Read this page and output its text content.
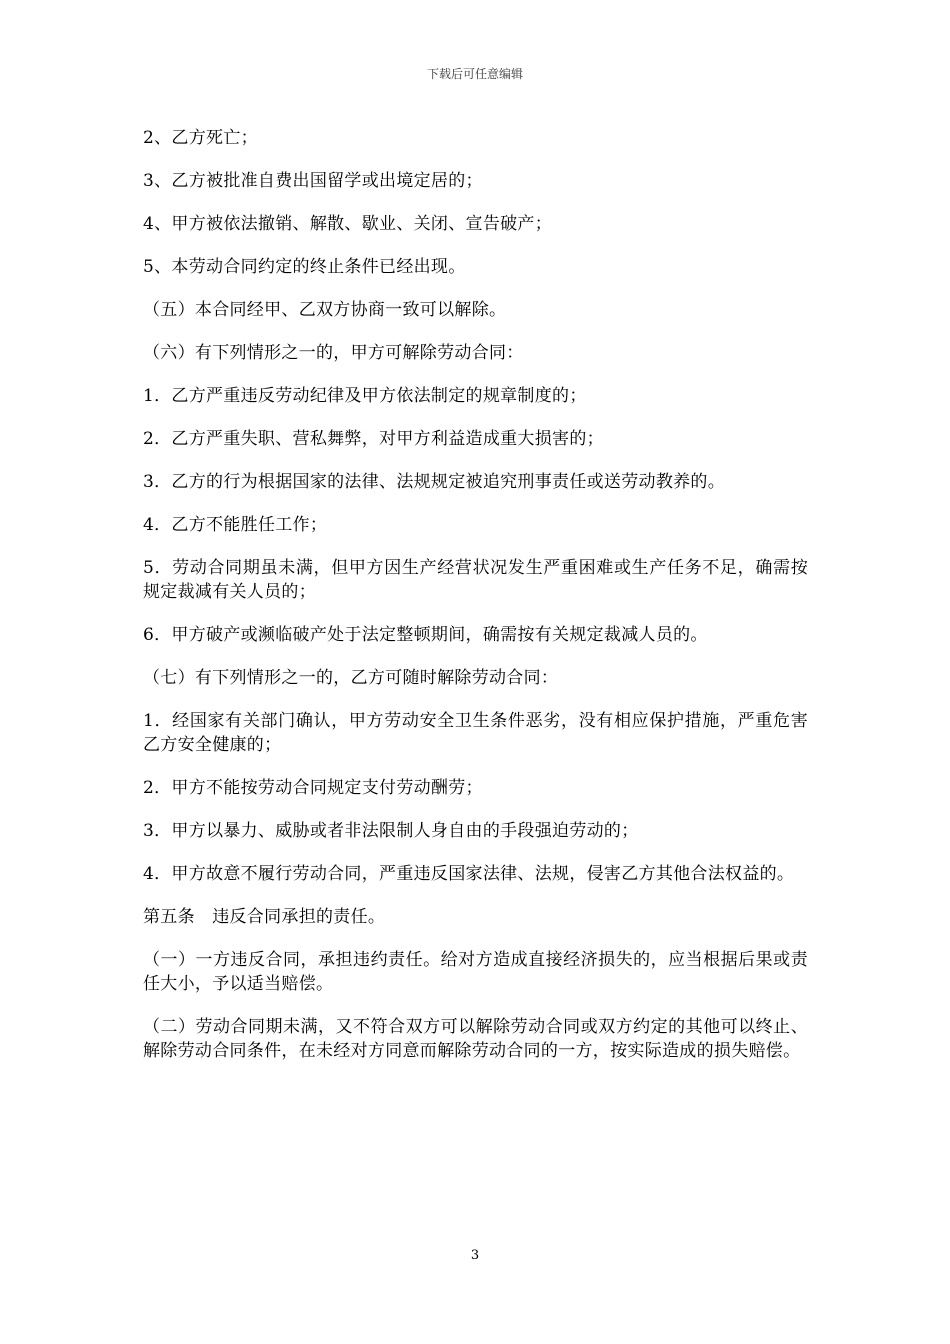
下载后可任意编辑

2、乙方死亡；

3、乙方被批准自费出国留学或出境定居的；

4、甲方被依法撤销、解散、歇业、关闭、宣告破产；

5、本劳动合同约定的终止条件已经出现。

（五）本合同经甲、乙双方协商一致可以解除。

（六）有下列情形之一的，甲方可解除劳动合同：

1．乙方严重违反劳动纪律及甲方依法制定的规章制度的；

2．乙方严重失职、营私舞弊，对甲方利益造成重大损害的；

3．乙方的行为根据国家的法律、法规规定被追究刑事责任或送劳动教养的。

4．乙方不能胜任工作；

5．劳动合同期虽未满，但甲方因生产经营状况发生严重困难或生产任务不足，确需按规定裁减有关人员的；

6．甲方破产或濒临破产处于法定整顿期间，确需按有关规定裁减人员的。

（七）有下列情形之一的，乙方可随时解除劳动合同：

1．经国家有关部门确认，甲方劳动安全卫生条件恶劣，没有相应保护措施，严重危害乙方安全健康的；

2．甲方不能按劳动合同规定支付劳动酬劳；

3．甲方以暴力、威胁或者非法限制人身自由的手段强迫劳动的；

4．甲方故意不履行劳动合同，严重违反国家法律、法规，侵害乙方其他合法权益的。

第五条　违反合同承担的责任。

（一）一方违反合同，承担违约责任。给对方造成直接经济损失的，应当根据后果或责任大小，予以适当赔偿。

（二）劳动合同期未满，又不符合双方可以解除劳动合同或双方约定的其他可以终止、解除劳动合同条件，在未经对方同意而解除劳动合同的一方，按实际造成的损失赔偿。

3
